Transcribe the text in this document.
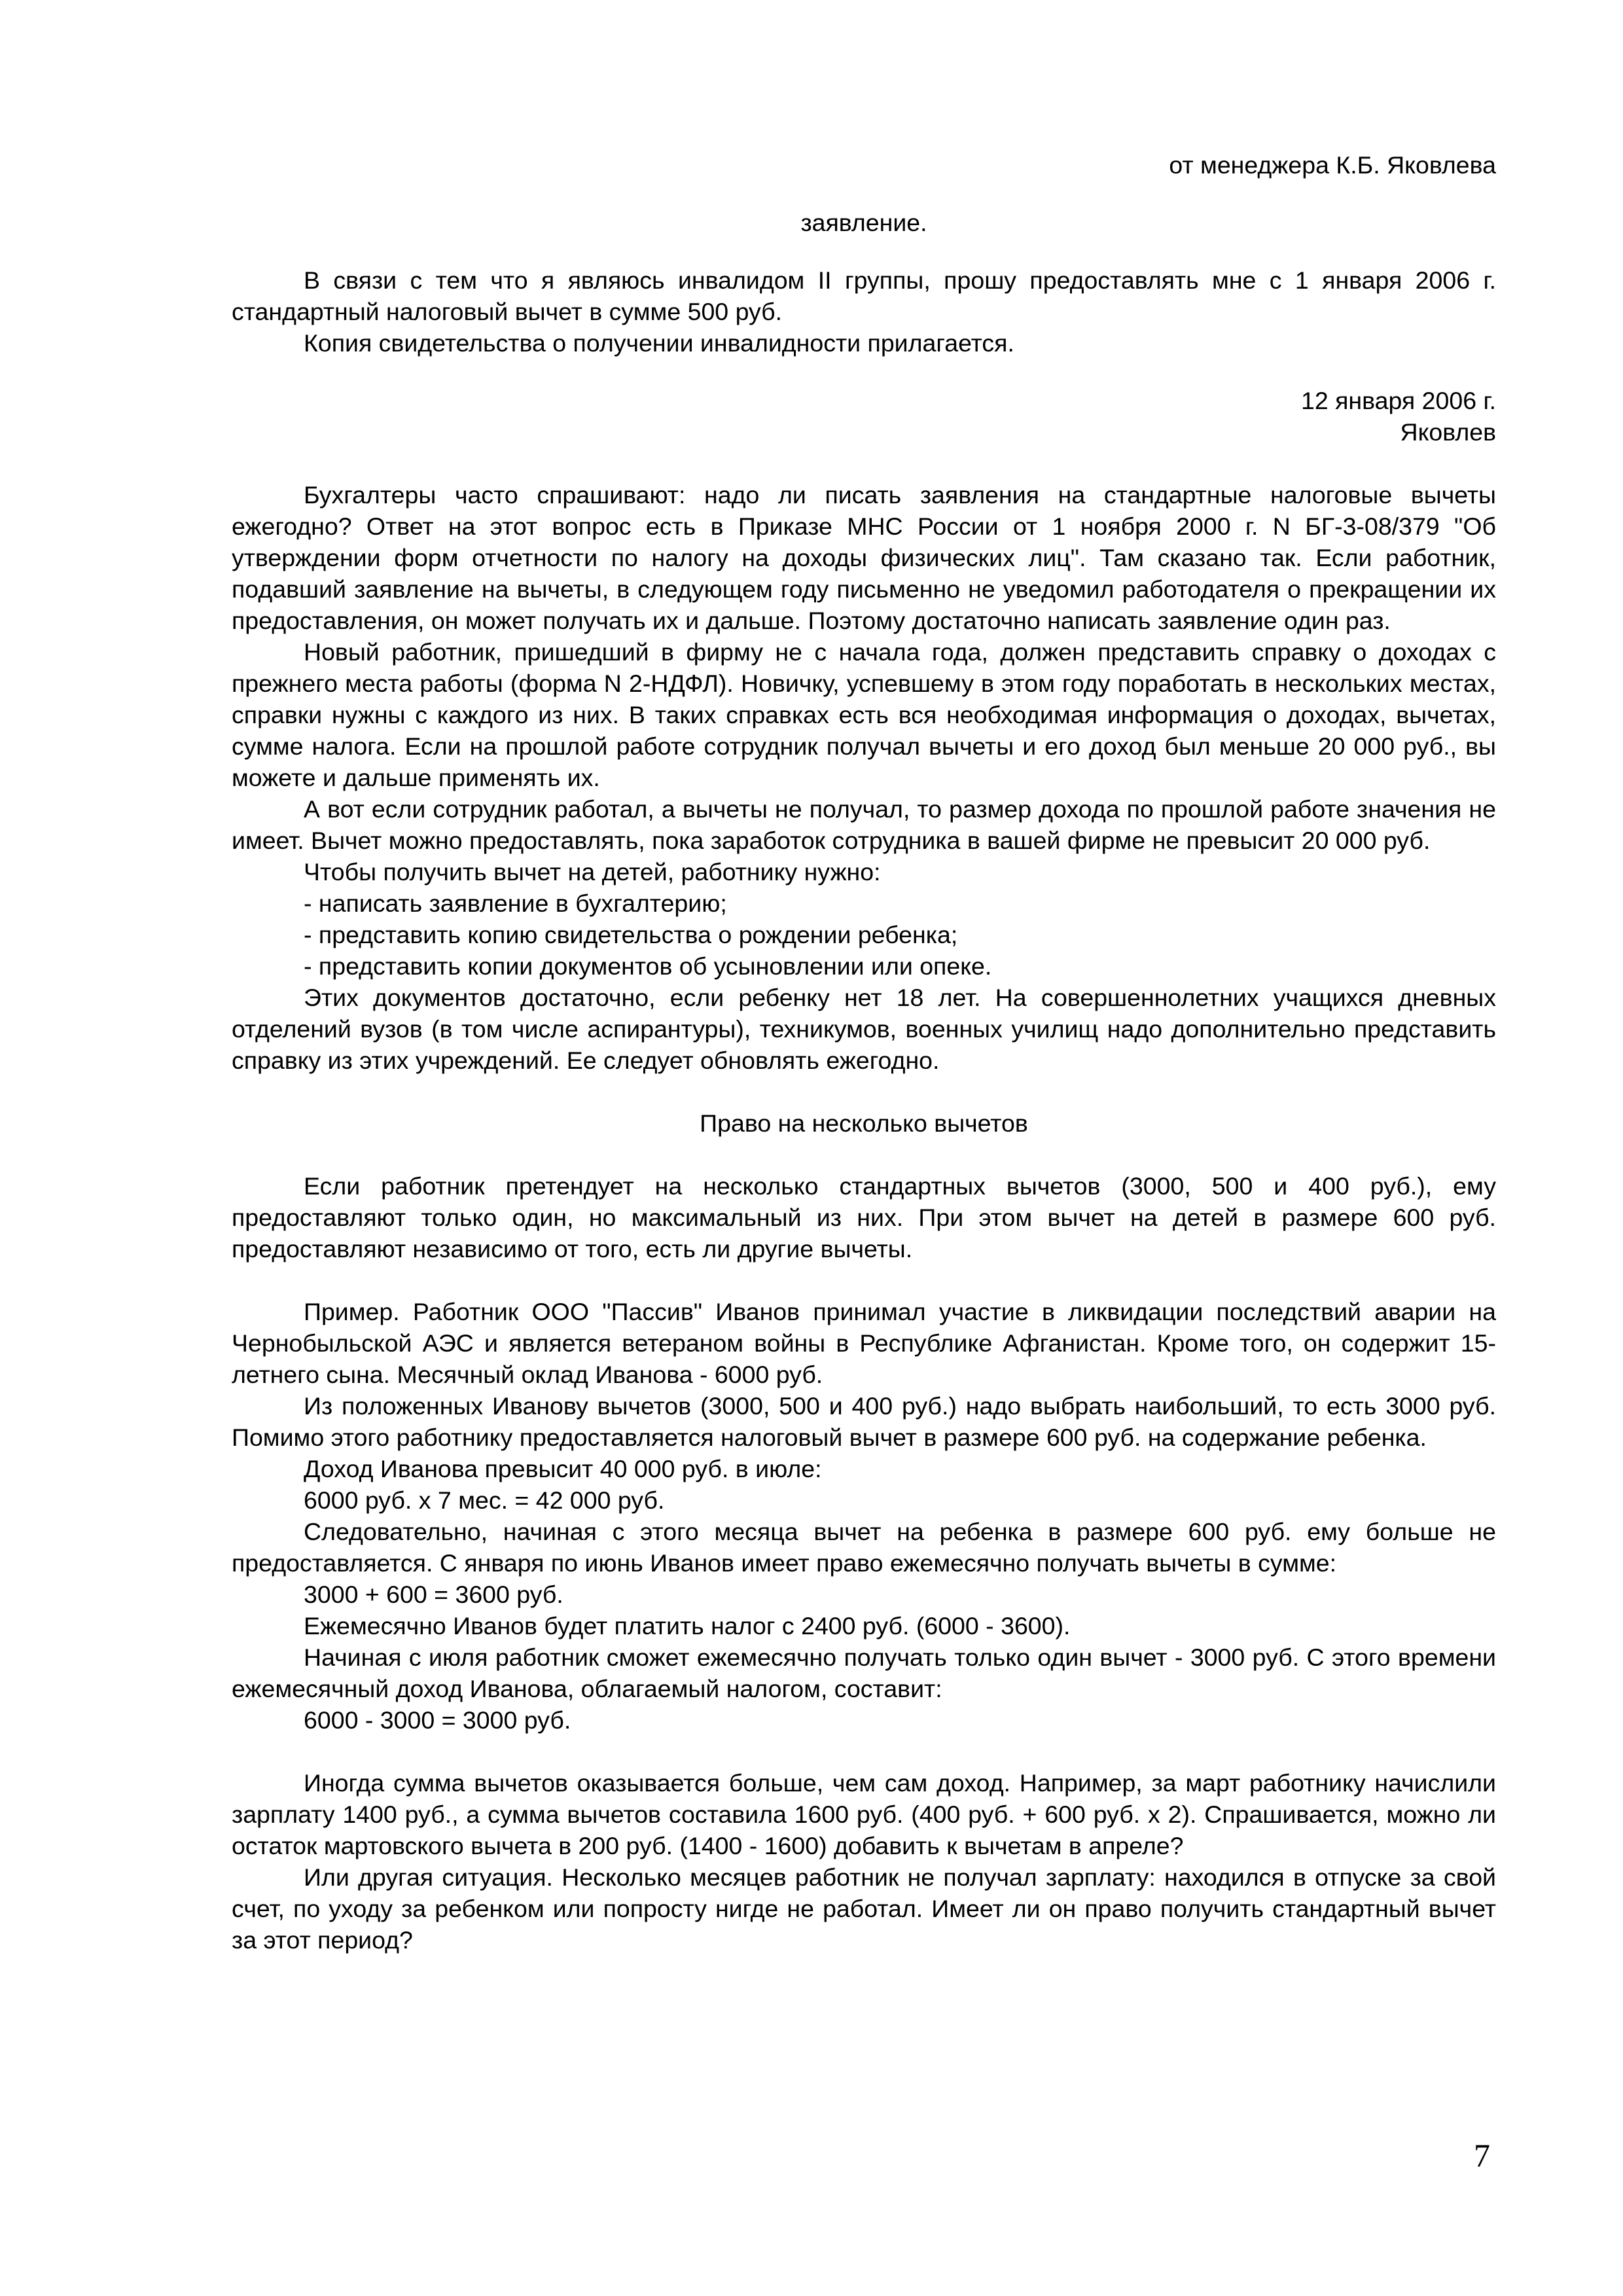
от менеджера К.Б. Яковлева

заявление.

В связи с тем что я являюсь инвалидом II группы, прошу предоставлять мне с 1 января 2006 г. стандартный налоговый вычет в сумме 500 руб.

Копия свидетельства о получении инвалидности прилагается.

12 января 2006 г.

Яковлев

Бухгалтеры часто спрашивают: надо ли писать заявления на стандартные налоговые вычеты ежегодно? Ответ на этот вопрос есть в Приказе МНС России от 1 ноября 2000 г. N БГ-3-08/379 "Об утверждении форм отчетности по налогу на доходы физических лиц". Там сказано так. Если работник, подавший заявление на вычеты, в следующем году письменно не уведомил работодателя о прекращении их предоставления, он может получать их и дальше. Поэтому достаточно написать заявление один раз.

Новый работник, пришедший в фирму не с начала года, должен представить справку о доходах с прежнего места работы (форма N 2-НДФЛ). Новичку, успевшему в этом году поработать в нескольких местах, справки нужны с каждого из них. В таких справках есть вся необходимая информация о доходах, вычетах, сумме налога. Если на прошлой работе сотрудник получал вычеты и его доход был меньше 20 000 руб., вы можете и дальше применять их.

А вот если сотрудник работал, а вычеты не получал, то размер дохода по прошлой работе значения не имеет. Вычет можно предоставлять, пока заработок сотрудника в вашей фирме не превысит 20 000 руб.

Чтобы получить вычет на детей, работнику нужно:

- написать заявление в бухгалтерию;

- представить копию свидетельства о рождении ребенка;

- представить копии документов об усыновлении или опеке.

Этих документов достаточно, если ребенку нет 18 лет. На совершеннолетних учащихся дневных отделений вузов (в том числе аспирантуры), техникумов, военных училищ надо дополнительно представить справку из этих учреждений. Ее следует обновлять ежегодно.

Право на несколько вычетов

Если работник претендует на несколько стандартных вычетов (3000, 500 и 400 руб.), ему предоставляют только один, но максимальный из них. При этом вычет на детей в размере 600 руб. предоставляют независимо от того, есть ли другие вычеты.

Пример. Работник ООО "Пассив" Иванов принимал участие в ликвидации последствий аварии на Чернобыльской АЭС и является ветераном войны в Республике Афганистан. Кроме того, он содержит 15-летнего сына. Месячный оклад Иванова - 6000 руб.

Из положенных Иванову вычетов (3000, 500 и 400 руб.) надо выбрать наибольший, то есть 3000 руб. Помимо этого работнику предоставляется налоговый вычет в размере 600 руб. на содержание ребенка.

Доход Иванова превысит 40 000 руб. в июле:

6000 руб. x 7 мес. = 42 000 руб.

Следовательно, начиная с этого месяца вычет на ребенка в размере 600 руб. ему больше не предоставляется. С января по июнь Иванов имеет право ежемесячно получать вычеты в сумме:

3000 + 600 = 3600 руб.

Ежемесячно Иванов будет платить налог с 2400 руб. (6000 - 3600).

Начиная с июля работник сможет ежемесячно получать только один вычет - 3000 руб. С этого времени ежемесячный доход Иванова, облагаемый налогом, составит:

6000 - 3000 = 3000 руб.

Иногда сумма вычетов оказывается больше, чем сам доход. Например, за март работнику начислили зарплату 1400 руб., а сумма вычетов составила 1600 руб. (400 руб. + 600 руб. x 2). Спрашивается, можно ли остаток мартовского вычета в 200 руб. (1400 - 1600) добавить к вычетам в апреле?

Или другая ситуация. Несколько месяцев работник не получал зарплату: находился в отпуске за свой счет, по уходу за ребенком или попросту нигде не работал. Имеет ли он право получить стандартный вычет за этот период?

7
